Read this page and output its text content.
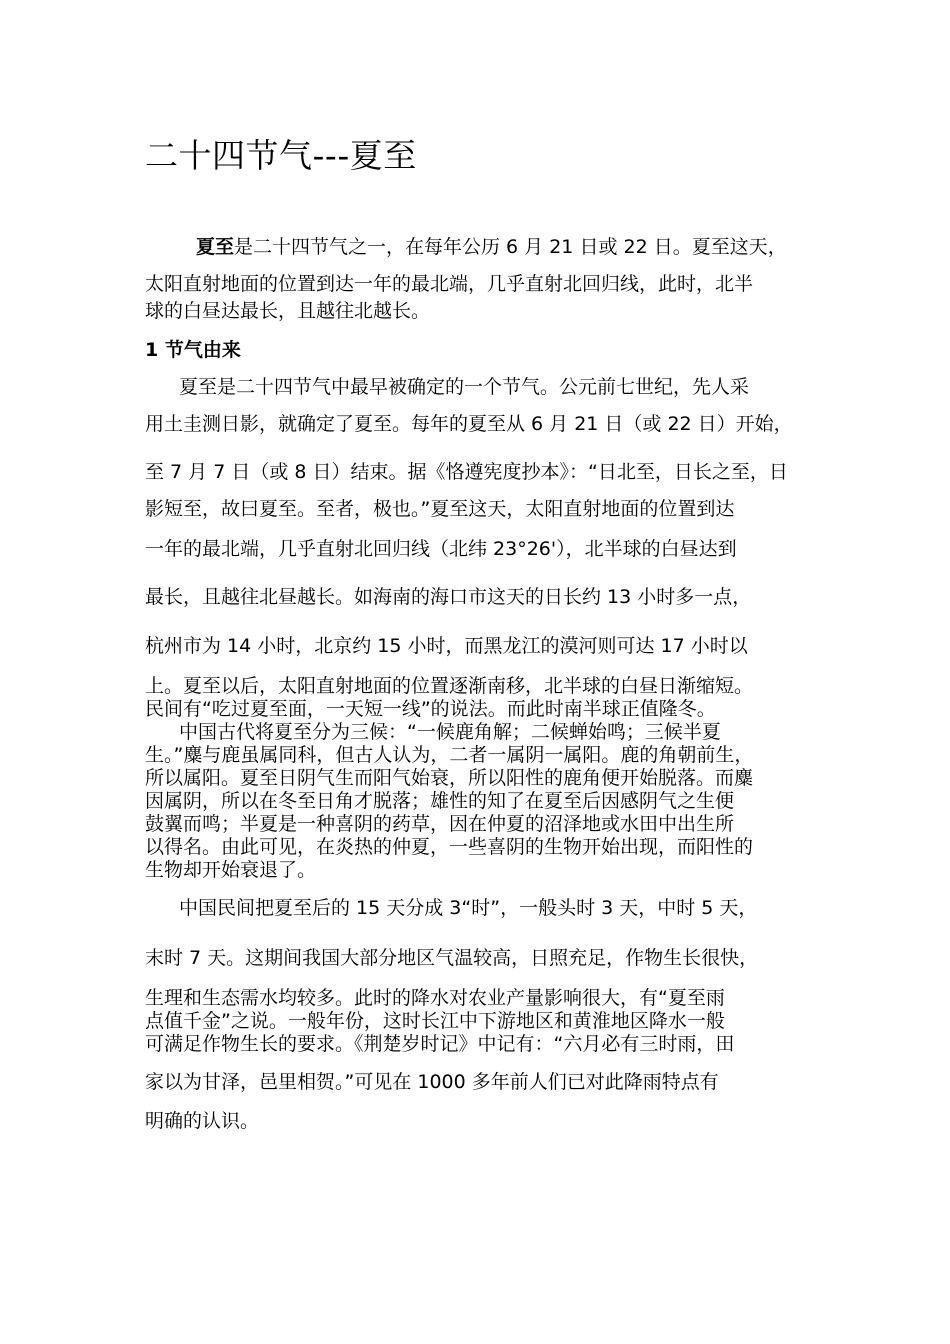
二十四节气---夏至
夏至是二十四节气之一，在每年公历 6 月 21 日或 22 日。夏至这天，
太阳直射地面的位置到达一年的最北端，几乎直射北回归线，此时，北半
球的白昼达最长，且越往北越长。
1 节气由来
夏至是二十四节气中最早被确定的一个节气。公元前七世纪，先人采
用土圭测日影，就确定了夏至。每年的夏至从 6 月 21 日（或 22 日）开始，
至 7 月 7 日（或 8 日）结束。据《恪遵宪度抄本》：“日北至，日长之至，日
影短至，故曰夏至。至者，极也。”夏至这天，太阳直射地面的位置到达
一年的最北端，几乎直射北回归线（北纬 23°26'），北半球的白昼达到
最长，且越往北昼越长。如海南的海口市这天的日长约 13 小时多一点，
杭州市为 14 小时，北京约 15 小时，而黑龙江的漠河则可达 17 小时以
上。夏至以后，太阳直射地面的位置逐渐南移，北半球的白昼日渐缩短。
民间有“吃过夏至面，一天短一线”的说法。而此时南半球正值隆冬。
中国古代将夏至分为三候：“一候鹿角解；二候蝉始鸣；三候半夏
生。”麋与鹿虽属同科，但古人认为，二者一属阴一属阳。鹿的角朝前生，
所以属阳。夏至日阴气生而阳气始衰，所以阳性的鹿角便开始脱落。而麋
因属阴，所以在冬至日角才脱落；雄性的知了在夏至后因感阴气之生便
鼓翼而鸣；半夏是一种喜阴的药草，因在仲夏的沼泽地或水田中出生所
以得名。由此可见，在炎热的仲夏，一些喜阴的生物开始出现，而阳性的
生物却开始衰退了。
中国民间把夏至后的 15 天分成 3“时”，一般头时 3 天，中时 5 天，
末时 7 天。这期间我国大部分地区气温较高，日照充足，作物生长很快，
生理和生态需水均较多。此时的降水对农业产量影响很大，有“夏至雨
点值千金”之说。一般年份，这时长江中下游地区和黄淮地区降水一般
可满足作物生长的要求。《荆楚岁时记》中记有：“六月必有三时雨，田
家以为甘泽，邑里相贺。”可见在 1000 多年前人们已对此降雨特点有
明确的认识。
